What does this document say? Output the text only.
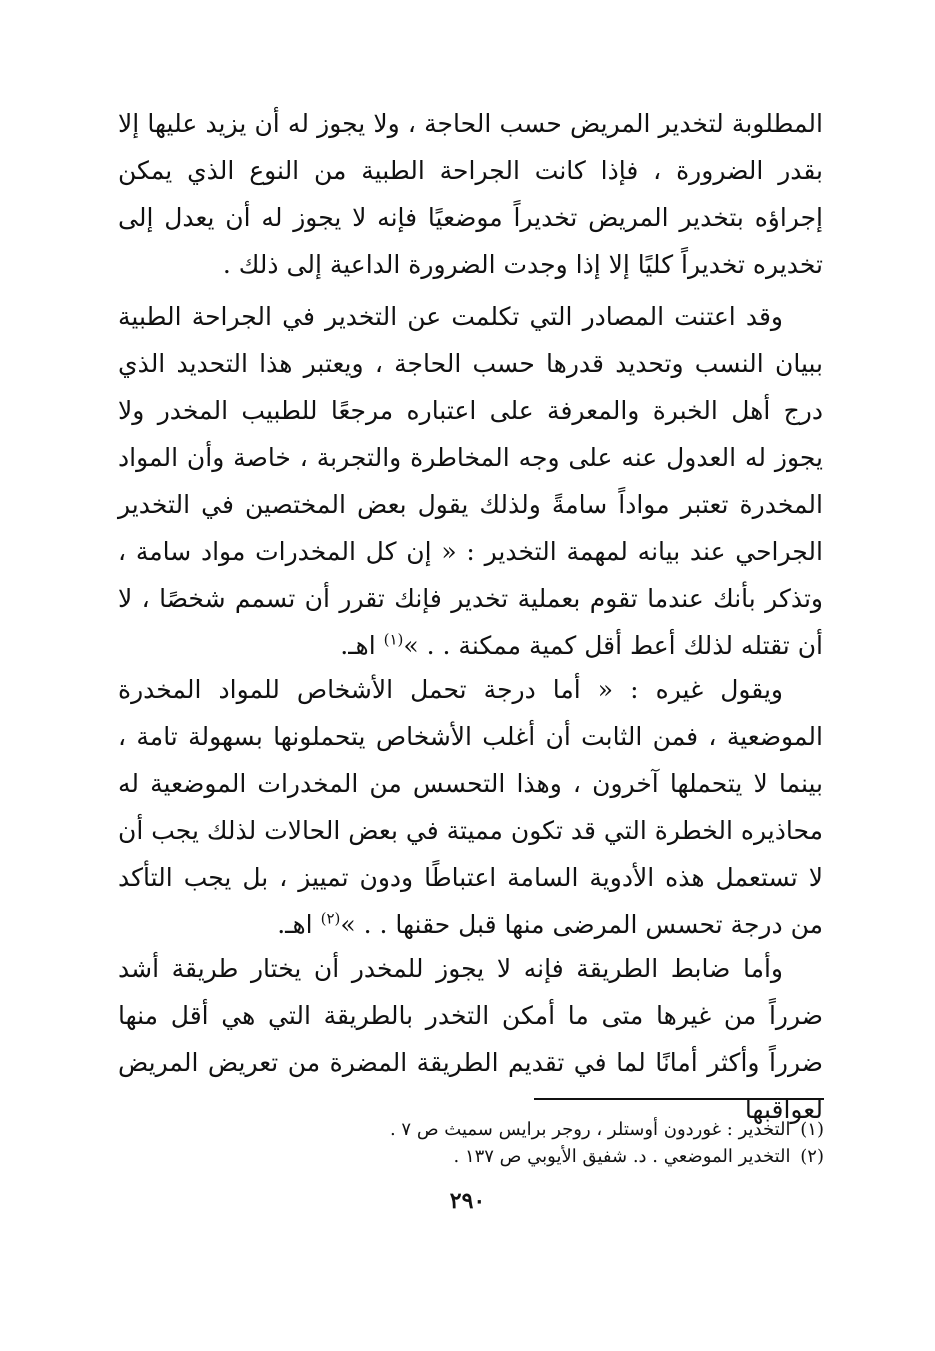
المطلوبة لتخدير المريض حسب الحاجة ، ولا يجوز له أن يزيد عليها إلا بقدر الضرورة ، فإذا كانت الجراحة الطبية من النوع الذي يمكن إجراؤه بتخدير المريض تخديراً موضعيًا فإنه لا يجوز له أن يعدل إلى تخديره تخديراً كليًا إلا إذا وجدت الضرورة الداعية إلى ذلك .

وقد اعتنت المصادر التي تكلمت عن التخدير في الجراحة الطبية ببيان النسب وتحديد قدرها حسب الحاجة ، ويعتبر هذا التحديد الذي درج أهل الخبرة والمعرفة على اعتباره مرجعًا للطبيب المخدر ولا يجوز له العدول عنه على وجه المخاطرة والتجربة ، خاصة وأن المواد المخدرة تعتبر مواداً سامةً ولذلك يقول بعض المختصين في التخدير الجراحي عند بيانه لمهمة التخدير : « إن كل المخدرات مواد سامة ، وتذكر بأنك عندما تقوم بعملية تخدير فإنك تقرر أن تسمم شخصًا ، لا أن تقتله لذلك أعط أقل كمية ممكنة . . »$^{(١)}$ اهـ.

ويقول غيره : « أما درجة تحمل الأشخاص للمواد المخدرة الموضعية ، فمن الثابت أن أغلب الأشخاص يتحملونها بسهولة تامة ، بينما لا يتحملها آخرون ، وهذا التحسس من المخدرات الموضعية له محاذيره الخطرة التي قد تكون مميتة في بعض الحالات لذلك يجب أن لا تستعمل هذه الأدوية السامة اعتباطًا ودون تمييز ، بل يجب التأكد من درجة تحسس المرضى منها قبل حقنها . . »$^{(٢)}$ اهـ.

وأما ضابط الطريقة فإنه لا يجوز للمخدر أن يختار طريقة أشد ضرراً من غيرها متى ما أمكن التخدر بالطريقة التي هي أقل منها ضرراً وأكثر أمانًا لما في تقديم الطريقة المضرة من تعريض المريض لعواقبها

(١) التخدير : غوردون أوستلر ، روجر برايس سميث ص ٧ .
(٢) التخدير الموضعي . د. شفيق الأيوبي ص ١٣٧ .
٢٩٠
